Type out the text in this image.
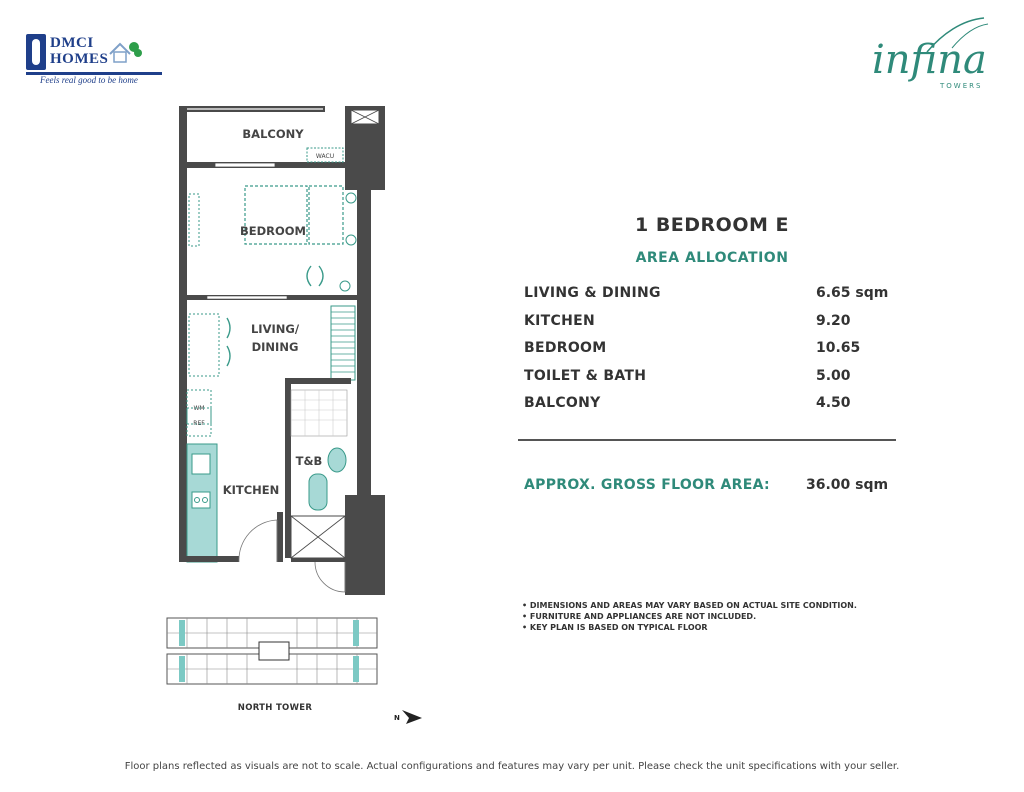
DMCI
HOMES
Feels real good to be home	infina
TOWERS
WACU
BEDROOM
BALCONY
LIVING/
DINING
T&B
WM
REF
KITCHEN
NORTH TOWER
N
1 BEDROOM E
AREA ALLOCATION
LIVING & DINING	6.65 sqm
KITCHEN	9.20
BEDROOM	10.65
TOILET & BATH	5.00
BALCONY	4.50
APPROX. GROSS FLOOR AREA:	36.00 sqm
• DIMENSIONS AND AREAS MAY VARY BASED ON ACTUAL SITE CONDITION.
• FURNITURE AND APPLIANCES ARE NOT INCLUDED.
• KEY PLAN IS BASED ON TYPICAL FLOOR
Floor plans reflected as visuals are not to scale. Actual configurations and features may vary per unit. Please check the unit specifications with your seller.
